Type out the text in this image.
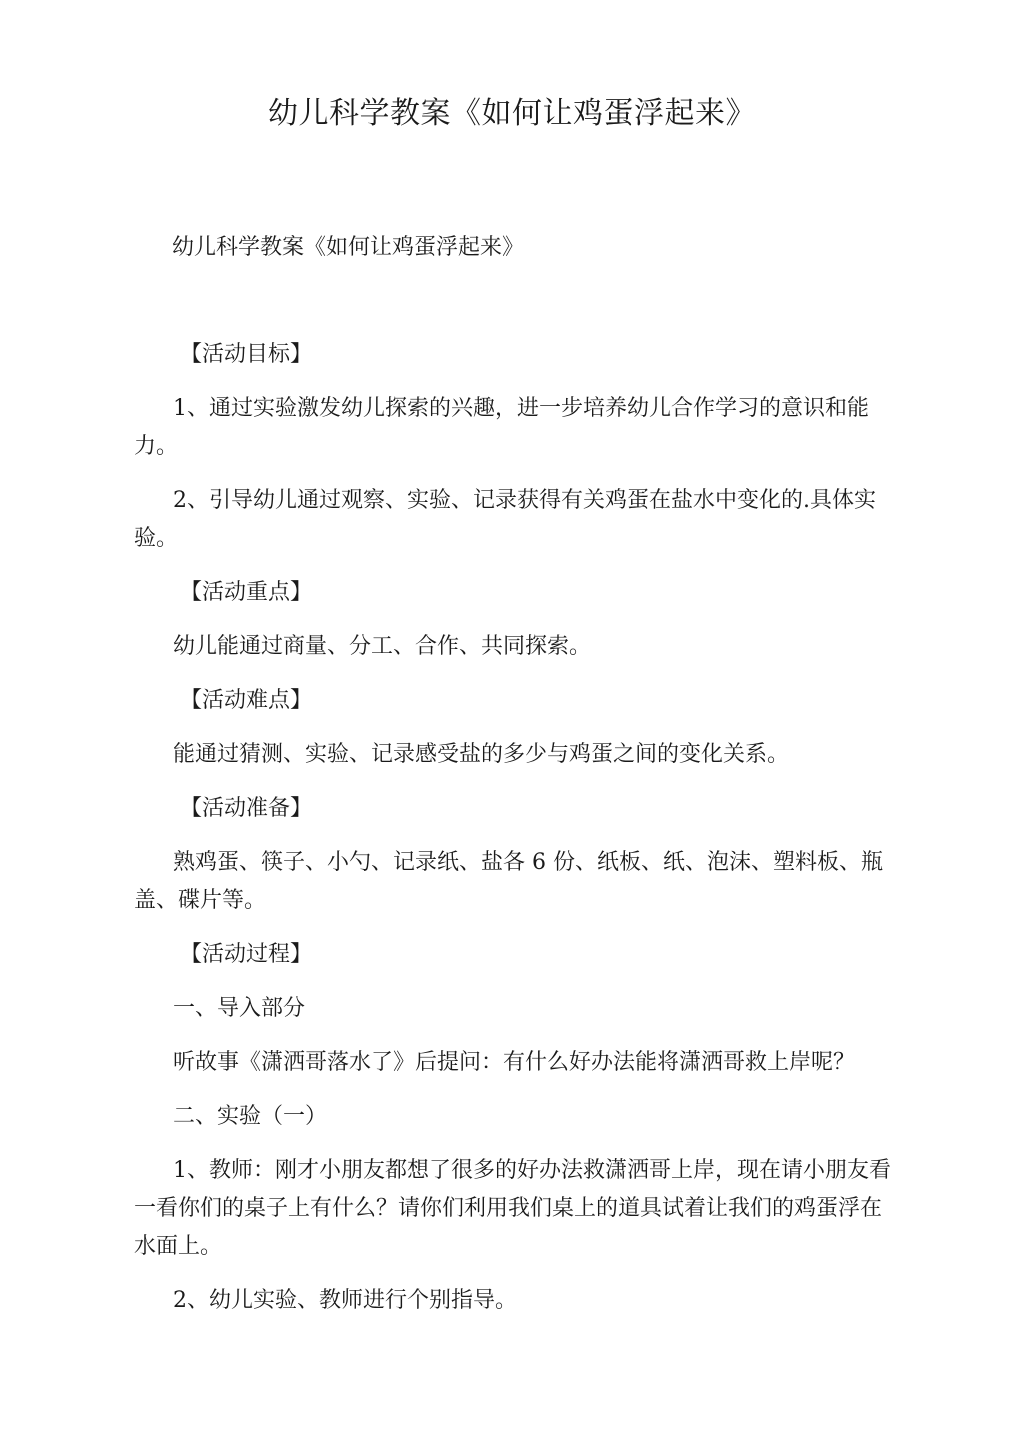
幼儿科学教案《如何让鸡蛋浮起来》

幼儿科学教案《如何让鸡蛋浮起来》

【活动目标】

1、通过实验激发幼儿探索的兴趣，进一步培养幼儿合作学习的意识和能力。

2、引导幼儿通过观察、实验、记录获得有关鸡蛋在盐水中变化的.具体实验。

【活动重点】

幼儿能通过商量、分工、合作、共同探索。

【活动难点】

能通过猜测、实验、记录感受盐的多少与鸡蛋之间的变化关系。

【活动准备】

熟鸡蛋、筷子、小勺、记录纸、盐各 6 份、纸板、纸、泡沫、塑料板、瓶盖、碟片等。

【活动过程】

一、导入部分

听故事《潇洒哥落水了》后提问：有什么好办法能将潇洒哥救上岸呢？

二、实验（一）

1、教师：刚才小朋友都想了很多的好办法救潇洒哥上岸，现在请小朋友看一看你们的桌子上有什么？请你们利用我们桌上的道具试着让我们的鸡蛋浮在水面上。

2、幼儿实验、教师进行个别指导。
